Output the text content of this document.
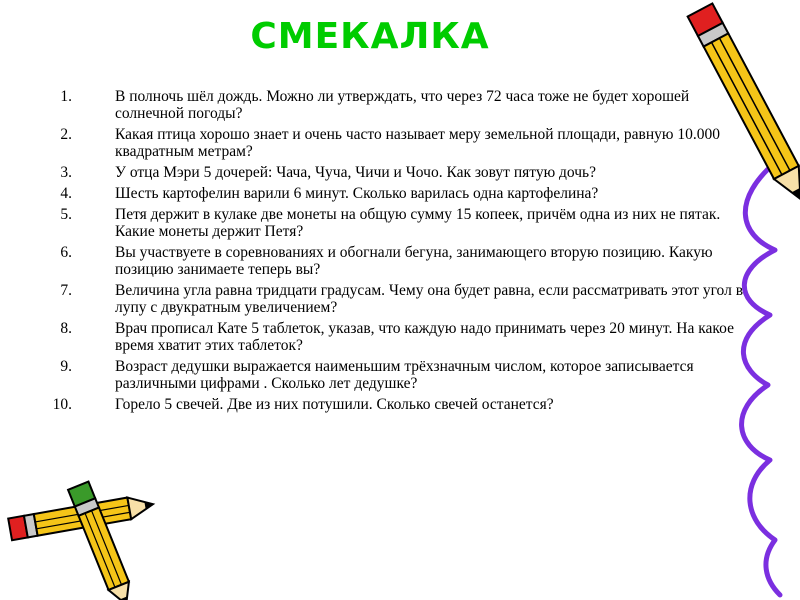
СМЕКАЛКА
1.	В полночь шёл дождь. Можно ли утверждать, что через 72 часа тоже не будет хорошей солнечной погоды?
2.	Какая птица хорошо знает и очень часто называет меру земельной площади, равную 10.000 квадратным метрам?
3.	У отца Мэри 5 дочерей: Чача, Чуча, Чичи и Чочо. Как зовут пятую дочь?
4.	Шесть картофелин варили 6 минут. Сколько варилась одна картофелина?
5.	Петя держит в кулаке две монеты на общую сумму 15 копеек, причём одна из них не пятак. Какие монеты держит Петя?
6.	Вы участвуете в соревнованиях и обогнали бегуна, занимающего вторую позицию. Какую позицию занимаете теперь вы?
7.	Величина угла равна тридцати градусам. Чему она будет равна, если рассматривать этот угол в лупу с двукратным увеличением?
8.	Врач прописал Кате 5 таблеток, указав, что каждую надо принимать через 20 минут. На какое время хватит этих таблеток?
9.	Возраст дедушки выражается наименьшим трёхзначным числом, которое записывается различными цифрами . Сколько лет дедушке?
10.	Горело 5 свечей. Две из них потушили. Сколько свечей останется?
